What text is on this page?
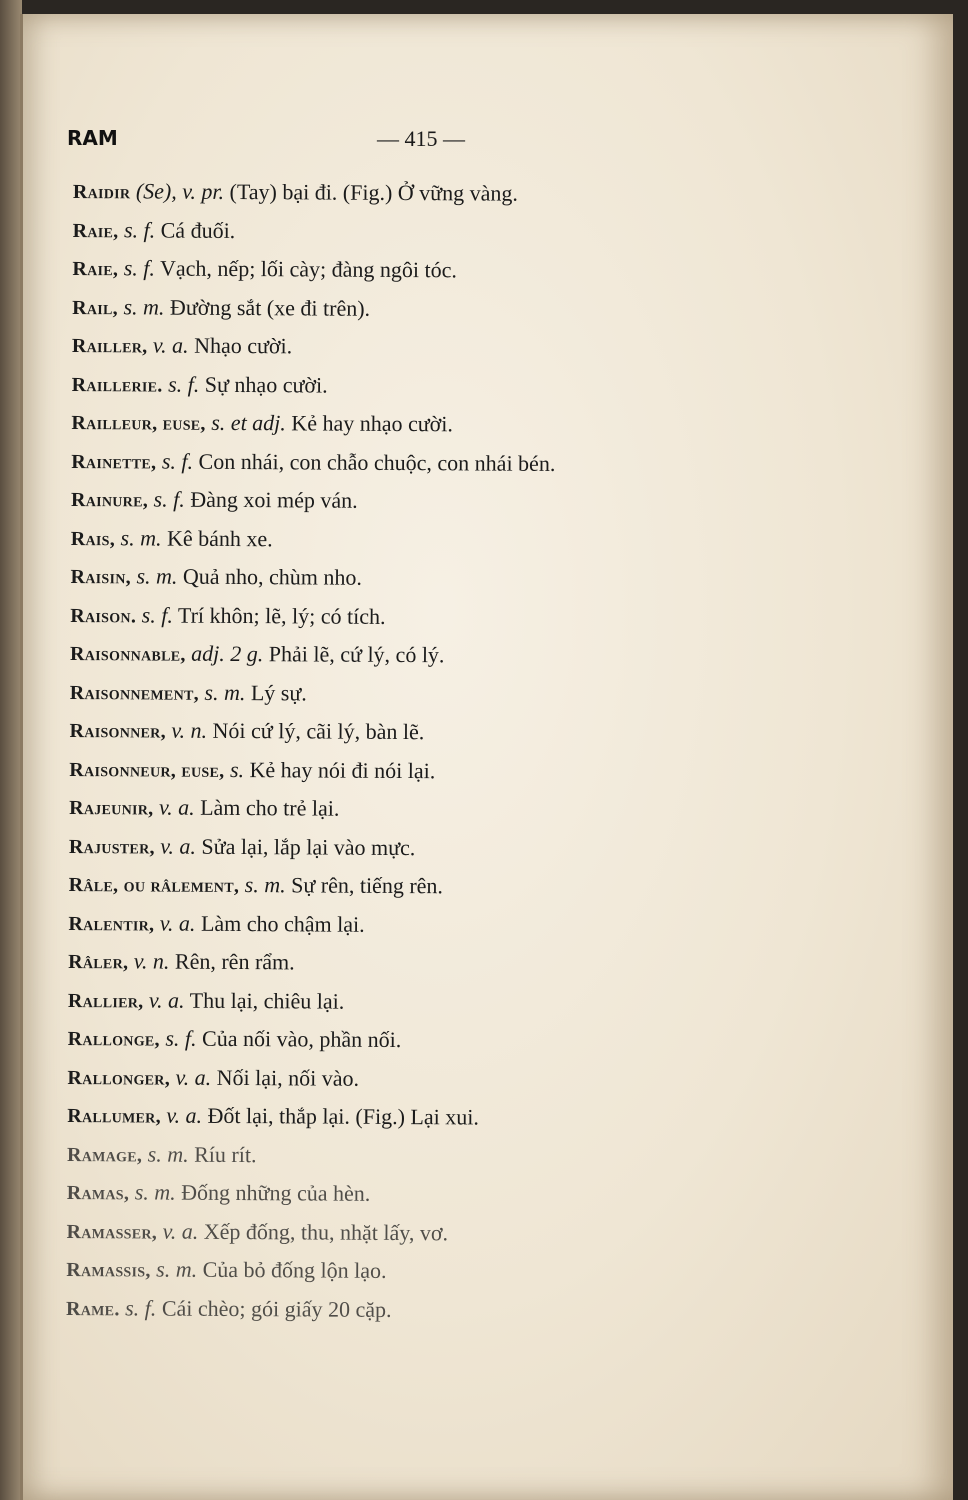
RAM	— 415 —
Raidir (Se), v. pr. (Tay) bại đi. (Fig.) Ở vững vàng.
Raie, s. f. Cá đuối.
Raie, s. f. Vạch, nếp; lối cày; đàng ngôi tóc.
Rail, s. m. Đường sắt (xe đi trên).
Railler, v. a. Nhạo cười.
Raillerie. s. f. Sự nhạo cười.
Railleur, euse, s. et adj. Kẻ hay nhạo cười.
Rainette, s. f. Con nhái, con chẫo chuộc, con nhái bén.
Rainure, s. f. Đàng xoi mép ván.
Rais, s. m. Kê bánh xe.
Raisin, s. m. Quả nho, chùm nho.
Raison. s. f. Trí khôn; lẽ, lý; có tích.
Raisonnable, adj. 2 g. Phải lẽ, cứ lý, có lý.
Raisonnement, s. m. Lý sự.
Raisonner, v. n. Nói cứ lý, cãi lý, bàn lẽ.
Raisonneur, euse, s. Kẻ hay nói đi nói lại.
Rajeunir, v. a. Làm cho trẻ lại.
Rajuster, v. a. Sửa lại, lắp lại vào mực.
Râle, ou râlement, s. m. Sự rên, tiếng rên.
Ralentir, v. a. Làm cho chậm lại.
Râler, v. n. Rên, rên rẩm.
Rallier, v. a. Thu lại, chiêu lại.
Rallonge, s. f. Của nối vào, phần nối.
Rallonger, v. a. Nối lại, nối vào.
Rallumer, v. a. Đốt lại, thắp lại. (Fig.) Lại xui.
Ramage, s. m. Ríu rít.
Ramas, s. m. Đống những của hèn.
Ramasser, v. a. Xếp đống, thu, nhặt lấy, vơ.
Ramassis, s. m. Của bỏ đống lộn lạo.
Rame. s. f. Cái chèo; gói giấy 20 cặp.
